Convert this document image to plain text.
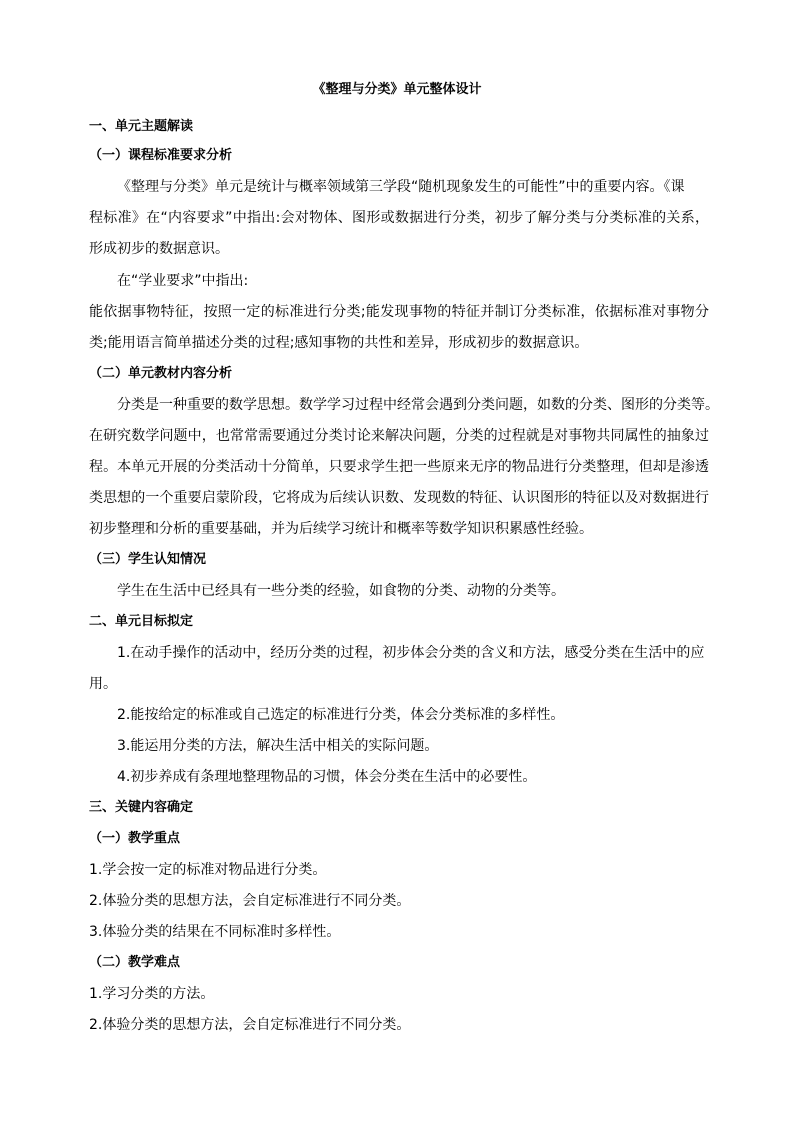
《整理与分类》单元整体设计
一、单元主题解读
（一）课程标准要求分析
《整理与分类》单元是统计与概率领域第三学段“随机现象发生的可能性”中的重要内容。《课
程标准》在“内容要求”中指出:会对物体、图形或数据进行分类，初步了解分类与分类标准的关系，
形成初步的数据意识。
在“学业要求”中指出:
能依据事物特征，按照一定的标准进行分类;能发现事物的特征并制订分类标准，依据标准对事物分
类;能用语言简单描述分类的过程;感知事物的共性和差异，形成初步的数据意识。
（二）单元教材内容分析
分类是一种重要的数学思想。数学学习过程中经常会遇到分类问题，如数的分类、图形的分类等。
在研究数学问题中，也常常需要通过分类讨论来解决问题，分类的过程就是对事物共同属性的抽象过
程。本单元开展的分类活动十分简单，只要求学生把一些原来无序的物品进行分类整理，但却是渗透
类思想的一个重要启蒙阶段，它将成为后续认识数、发现数的特征、认识图形的特征以及对数据进行
初步整理和分析的重要基础，并为后续学习统计和概率等数学知识积累感性经验。
（三）学生认知情况
学生在生活中已经具有一些分类的经验，如食物的分类、动物的分类等。
二、单元目标拟定
1.在动手操作的活动中，经历分类的过程，初步体会分类的含义和方法，感受分类在生活中的应
用。
2.能按给定的标准或自己选定的标准进行分类，体会分类标准的多样性。
3.能运用分类的方法，解决生活中相关的实际问题。
4.初步养成有条理地整理物品的习惯，体会分类在生活中的必要性。
三、关键内容确定
（一）教学重点
1.学会按一定的标准对物品进行分类。
2.体验分类的思想方法，会自定标准进行不同分类。
3.体验分类的结果在不同标准时多样性。
（二）教学难点
1.学习分类的方法。
2.体验分类的思想方法，会自定标准进行不同分类。
